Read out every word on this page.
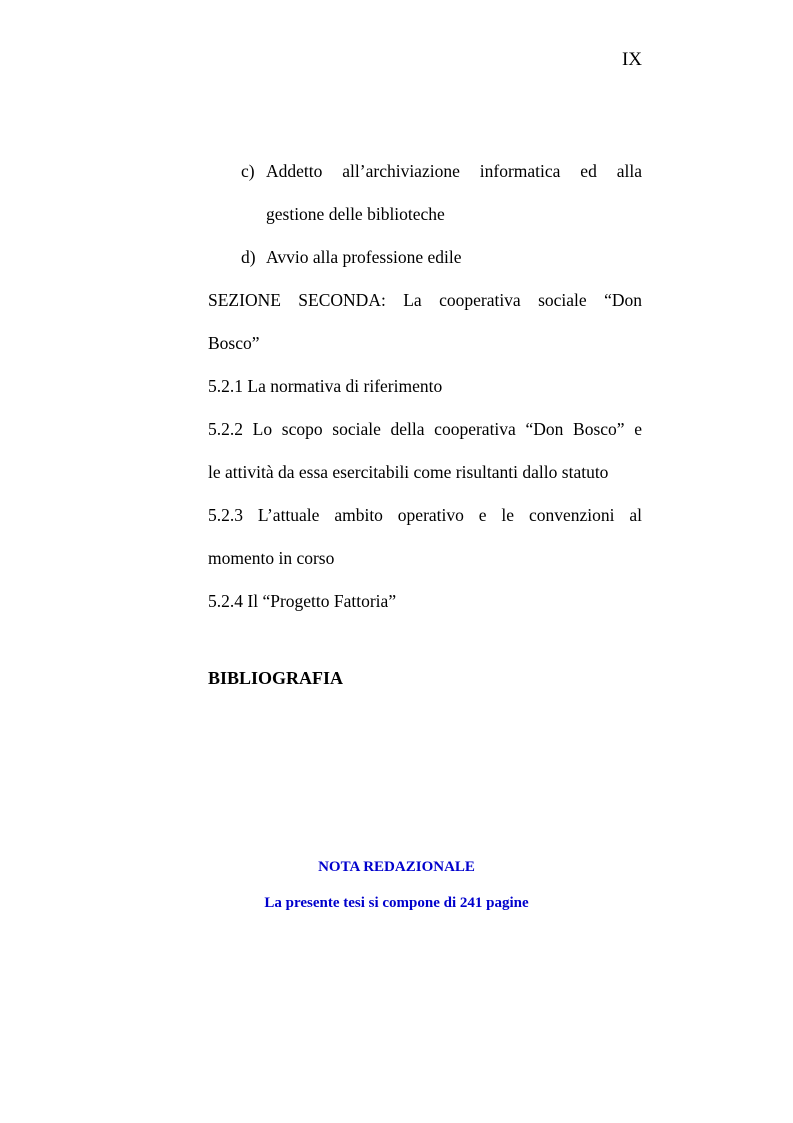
IX
c) Addetto all’archiviazione informatica ed alla
gestione delle biblioteche
d) Avvio alla professione edile
SEZIONE SECONDA: La cooperativa sociale “Don
Bosco”
5.2.1 La normativa di riferimento
5.2.2 Lo scopo sociale della cooperativa “Don Bosco” e
le attività da essa esercitabili come risultanti dallo statuto
5.2.3 L’attuale ambito operativo e le convenzioni al
momento in corso
5.2.4 Il “Progetto Fattoria”
BIBLIOGRAFIA
NOTA REDAZIONALE
La presente tesi si compone di 241 pagine
